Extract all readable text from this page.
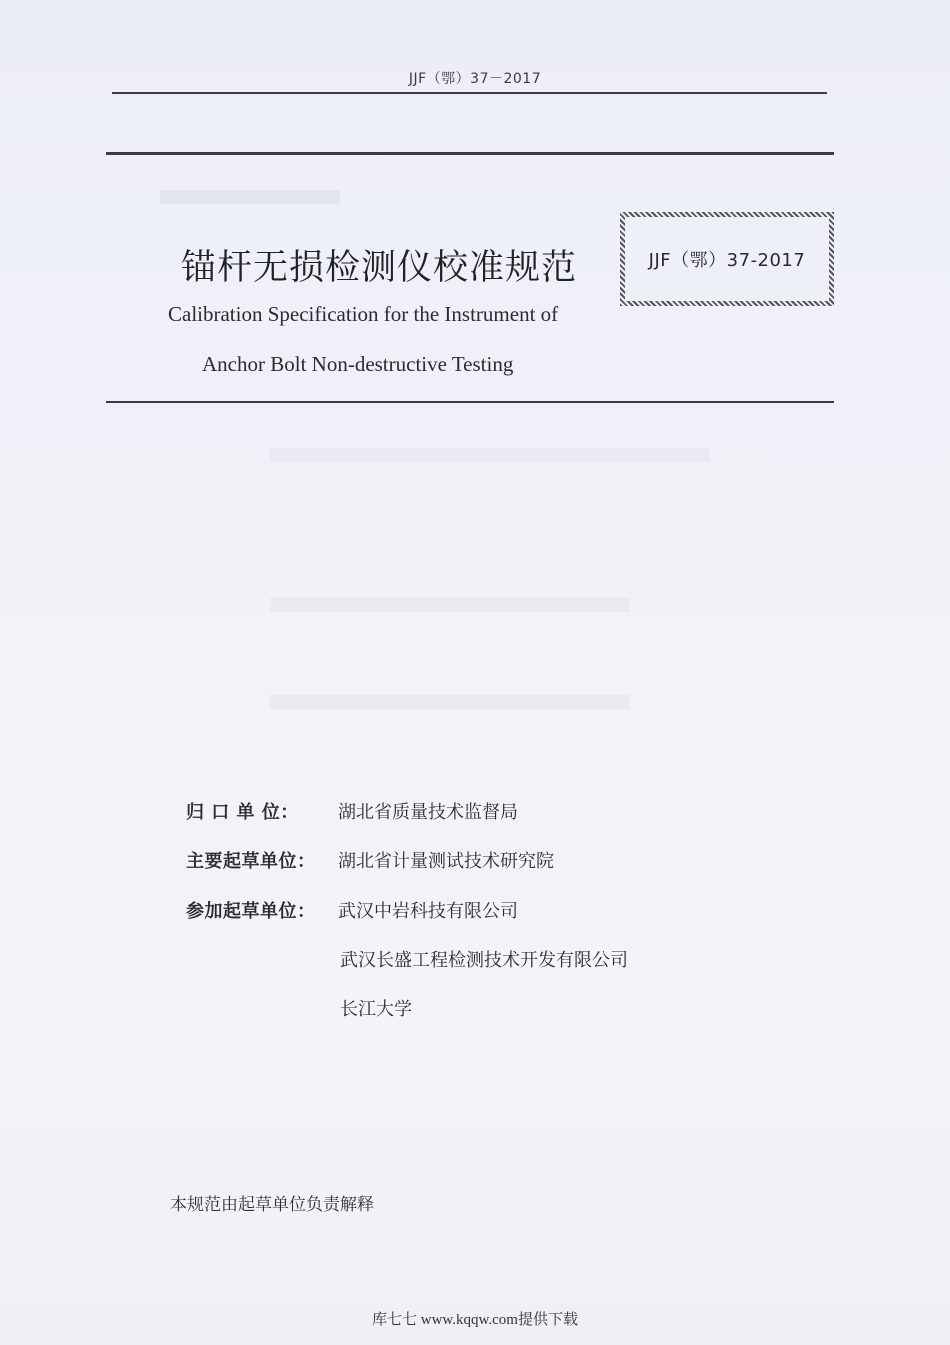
JJF（鄂）37－2017
锚杆无损检测仪校准规范
Calibration Specification for the Instrument of
Anchor Bolt Non-destructive Testing
JJF（鄂）37-2017
归 口 单 位： 湖北省质量技术监督局
主要起草单位： 湖北省计量测试技术研究院
参加起草单位： 武汉中岩科技有限公司
武汉长盛工程检测技术开发有限公司
长江大学
本规范由起草单位负责解释
库七七 www.kqqw.com提供下载
